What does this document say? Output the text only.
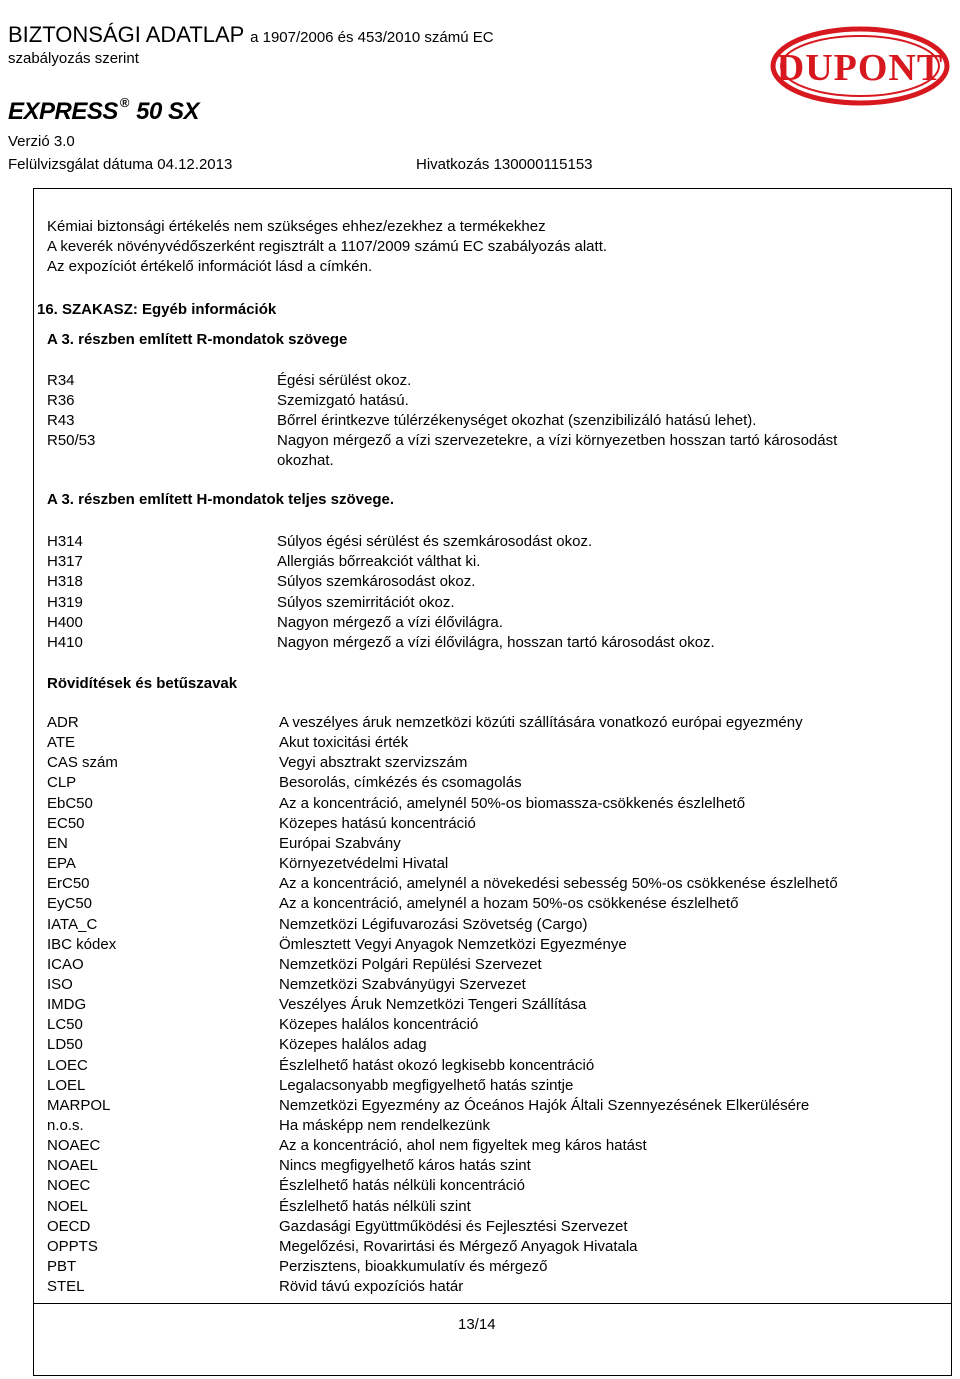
BIZTONSÁGI ADATLAP a 1907/2006 és 453/2010 számú EC
szabályozás szerint
EXPRESS ® 50 SX
Verzió 3.0
Felülvizsgálat dátuma 04.12.2013	Hivatkozás 130000115153
DUPONT
Kémiai biztonsági értékelés nem szükséges ehhez/ezekhez a termékekhez
A keverék növényvédőszerként regisztrált a 1107/2009 számú EC szabályozás alatt.
Az expozíciót értékelő információt lásd a címkén.
16. SZAKASZ: Egyéb információk
A 3. részben említett R-mondatok szövege
R34	Égési sérülést okoz.
R36	Szemizgató hatású.
R43	Bőrrel érintkezve túlérzékenységet okozhat (szenzibilizáló hatású lehet).
R50/53	Nagyon mérgező a vízi szervezetekre, a vízi környezetben hosszan tartó károsodást
okozhat.
A 3. részben említett H-mondatok teljes szövege.
H314	Súlyos égési sérülést és szemkárosodást okoz.
H317	Allergiás bőrreakciót válthat ki.
H318	Súlyos szemkárosodást okoz.
H319	Súlyos szemirritációt okoz.
H400	Nagyon mérgező a vízi élővilágra.
H410	Nagyon mérgező a vízi élővilágra, hosszan tartó károsodást okoz.
Rövidítések és betűszavak
ADR	A veszélyes áruk nemzetközi közúti szállítására vonatkozó európai egyezmény
ATE	Akut toxicitási érték
CAS szám	Vegyi absztrakt szervizszám
CLP	Besorolás, címkézés és csomagolás
EbC50	Az a koncentráció, amelynél 50%-os biomassza-csökkenés észlelhető
EC50	Közepes hatású koncentráció
EN	Európai Szabvány
EPA	Környezetvédelmi Hivatal
ErC50	Az a koncentráció, amelynél a növekedési sebesség 50%-os csökkenése észlelhető
EyC50	Az a koncentráció, amelynél a hozam 50%-os csökkenése észlelhető
IATA_C	Nemzetközi Légifuvarozási Szövetség (Cargo)
IBC kódex	Ömlesztett Vegyi Anyagok Nemzetközi Egyezménye
ICAO	Nemzetközi Polgári Repülési Szervezet
ISO	Nemzetközi Szabványügyi Szervezet
IMDG	Veszélyes Áruk Nemzetközi Tengeri Szállítása
LC50	Közepes halálos koncentráció
LD50	Közepes halálos adag
LOEC	Észlelhető hatást okozó legkisebb koncentráció
LOEL	Legalacsonyabb megfigyelhető hatás szintje
MARPOL	Nemzetközi Egyezmény az Óceános Hajók Általi Szennyezésének Elkerülésére
n.o.s.	Ha másképp nem rendelkezünk
NOAEC	Az a koncentráció, ahol nem figyeltek meg káros hatást
NOAEL	Nincs megfigyelhető káros hatás szint
NOEC	Észlelhető hatás nélküli koncentráció
NOEL	Észlelhető hatás nélküli szint
OECD	Gazdasági Együttműködési és Fejlesztési Szervezet
OPPTS	Megelőzési, Rovarirtási és Mérgező Anyagok Hivatala
PBT	Perzisztens, bioakkumulatív és mérgező
STEL	Rövid távú expozíciós határ
13/14
